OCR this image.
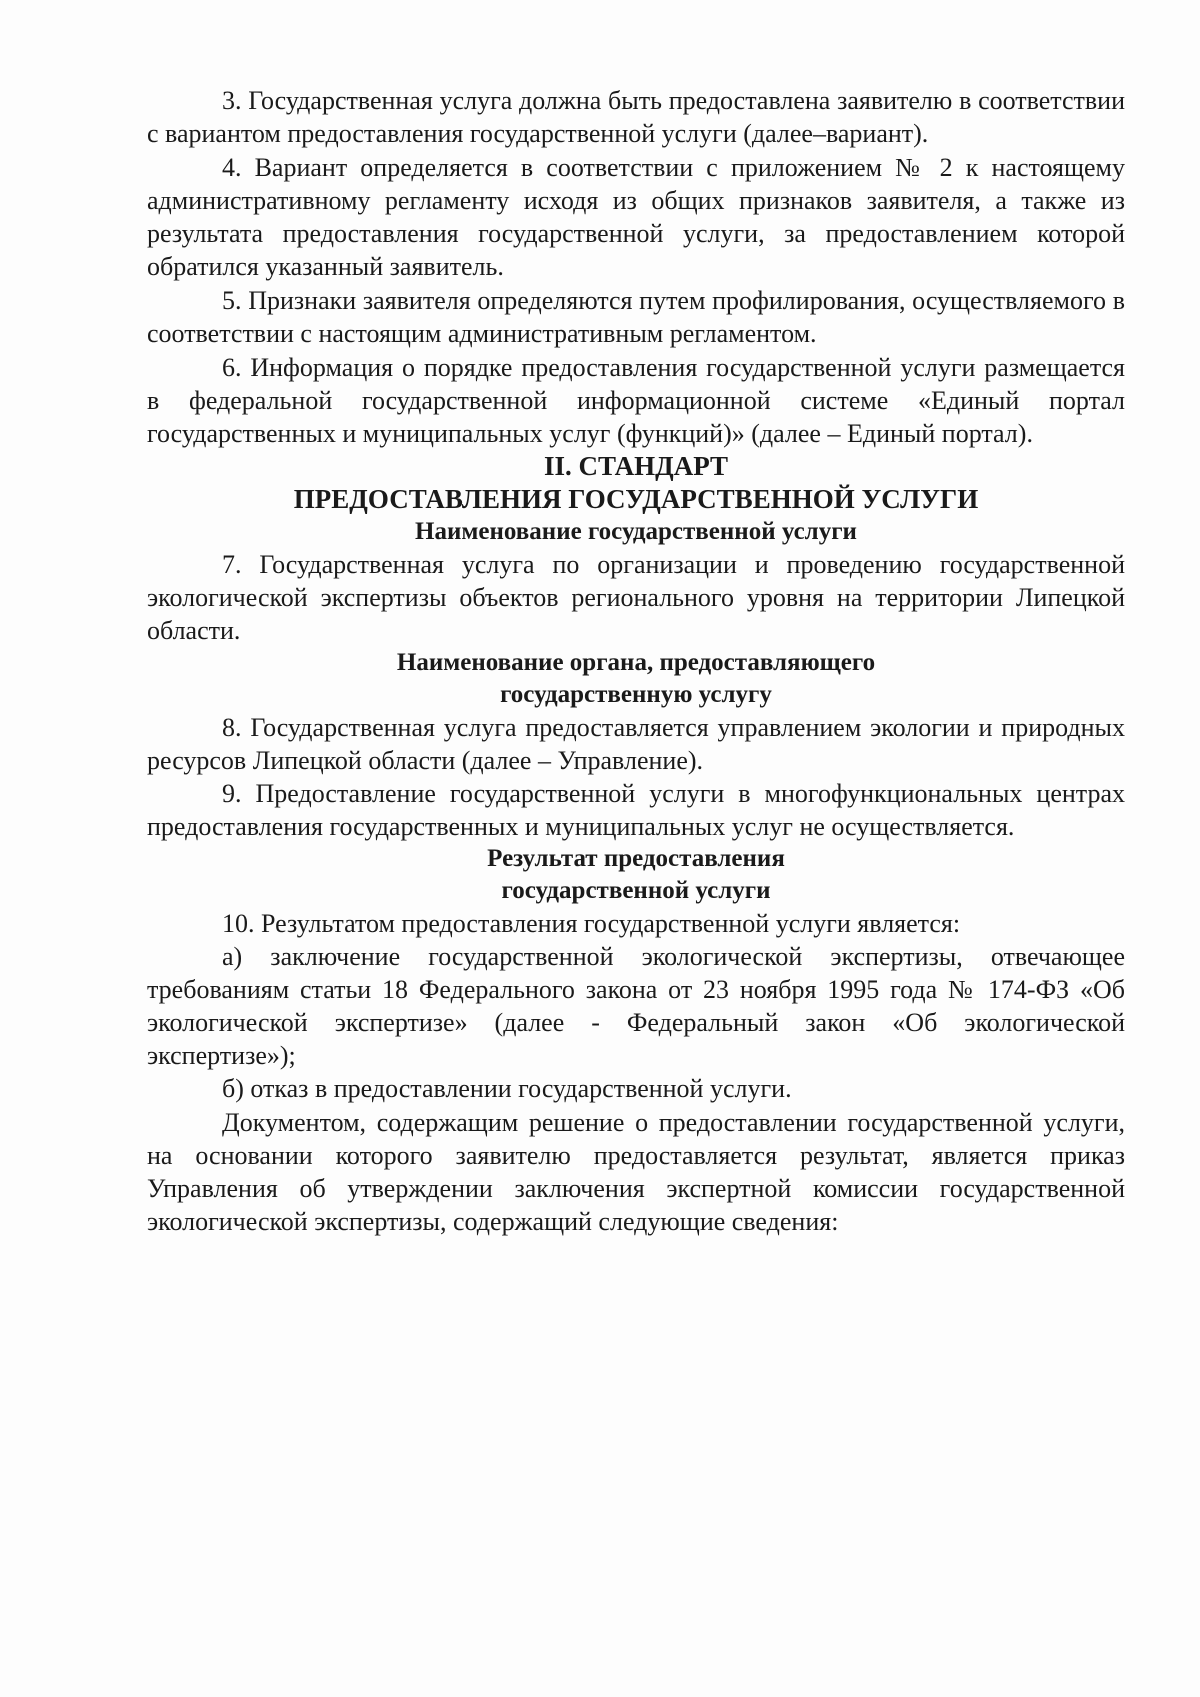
3. Государственная услуга должна быть предоставлена заявителю в соответствии с вариантом предоставления государственной услуги (далее–вариант).

4. Вариант определяется в соответствии с приложением № 2 к настоящему административному регламенту исходя из общих признаков заявителя, а также из результата предоставления государственной услуги, за предоставлением которой обратился указанный заявитель.

5. Признаки заявителя определяются путем профилирования, осуществляемого в соответствии с настоящим административным регламентом.

6. Информация о порядке предоставления государственной услуги размещается в федеральной государственной информационной системе «Единый портал государственных и муниципальных услуг (функций)» (далее – Единый портал).

II. СТАНДАРТ
ПРЕДОСТАВЛЕНИЯ ГОСУДАРСТВЕННОЙ УСЛУГИ
Наименование государственной услуги

7. Государственная услуга по организации и проведению государственной экологической экспертизы объектов регионального уровня на территории Липецкой области.

Наименование органа, предоставляющего
государственную услугу

8. Государственная услуга предоставляется управлением экологии и природных ресурсов Липецкой области (далее – Управление).

9. Предоставление государственной услуги в многофункциональных центрах предоставления государственных и муниципальных услуг не осуществляется.

Результат предоставления
государственной услуги

10. Результатом предоставления государственной услуги является:

а) заключение государственной экологической экспертизы, отвечающее требованиям статьи 18 Федерального закона от 23 ноября 1995 года № 174-ФЗ «Об экологической экспертизе» (далее - Федеральный закон «Об экологической экспертизе»);

б) отказ в предоставлении государственной услуги.

Документом, содержащим решение о предоставлении государственной услуги, на основании которого заявителю предоставляется результат, является приказ Управления об утверждении заключения экспертной комиссии государственной экологической экспертизы, содержащий следующие сведения:
